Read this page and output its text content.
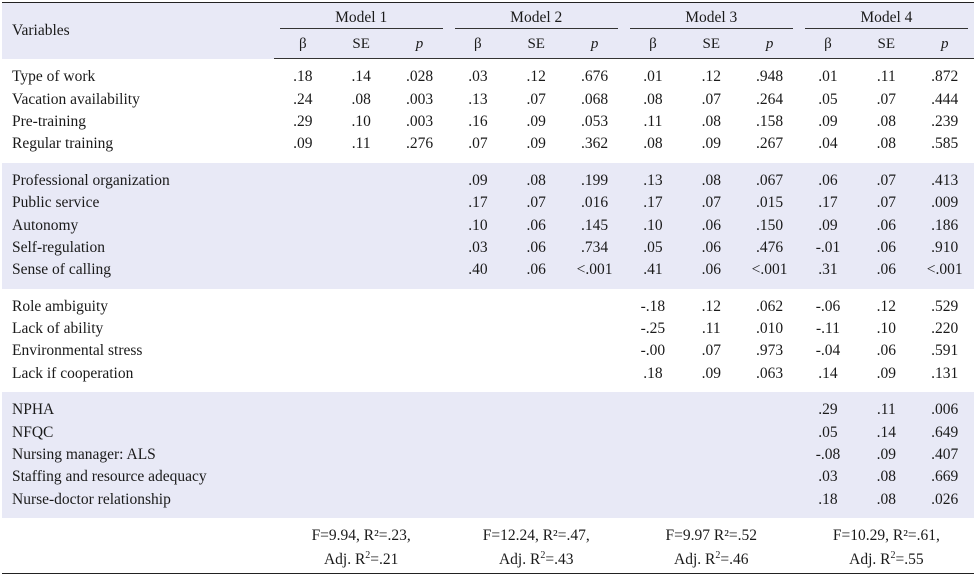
Variables	Model 1			Model 2			Model 3			Model 4		

	β	SE	p	β	SE	p	β	SE	p	β	SE	p

Type of work	.18	.14	.028	.03	.12	.676	.01	.12	.948	.01	.11	.872
Vacation availability	.24	.08	.003	.13	.07	.068	.08	.07	.264	.05	.07	.444
Pre-training	.29	.10	.003	.16	.09	.053	.11	.08	.158	.09	.08	.239
Regular training	.09	.11	.276	.07	.09	.362	.08	.09	.267	.04	.08	.585

Professional organization				.09	.08	.199	.13	.08	.067	.06	.07	.413
Public service				.17	.07	.016	.17	.07	.015	.17	.07	.009
Autonomy				.10	.06	.145	.10	.06	.150	.09	.06	.186
Self-regulation				.03	.06	.734	.05	.06	.476	-.01	.06	.910
Sense of calling				.40	.06	<.001	.41	.06	<.001	.31	.06	<.001

Role ambiguity							-.18	.12	.062	-.06	.12	.529
Lack of ability							-.25	.11	.010	-.11	.10	.220
Environmental stress							-.00	.07	.973	-.04	.06	.591
Lack if cooperation							.18	.09	.063	.14	.09	.131

NPHA										.29	.11	.006
NFQC										.05	.14	.649
Nursing manager: ALS										-.08	.09	.407
Staffing and resource adequacy										.03	.08	.669
Nurse-doctor relationship										.18	.08	.026

	F=9.94, R²=.23,			F=12.24, R²=.47,			F=9.97 R²=.52			F=10.29, R²=.61,		
	Adj. $R^2=.21$			Adj. $R^2=.43$			Adj. $R^2=.46$			Adj. $R^2=.55$		
